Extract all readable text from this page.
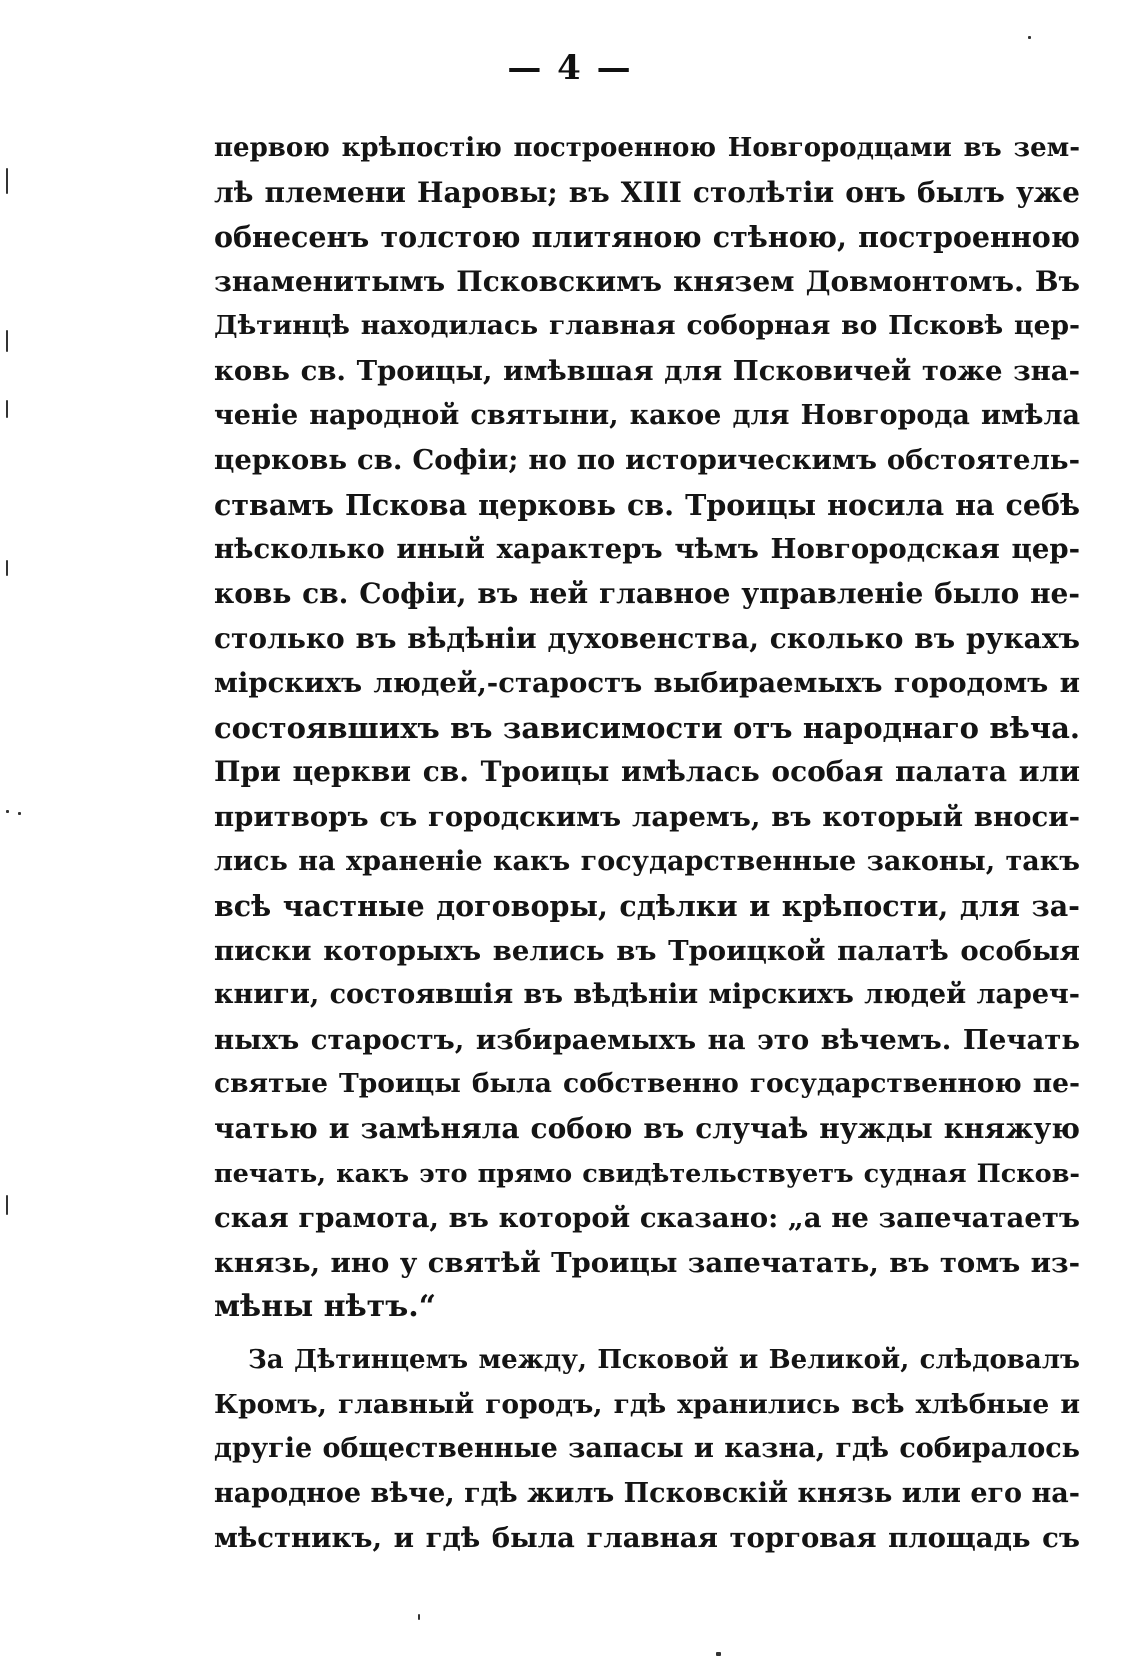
— 4 —
первою крѣпостію построенною Новгородцами въ зем-
лѣ племени Наровы; въ XIII столѣтіи онъ былъ уже
обнесенъ толстою плитяною стѣною, построенною
знаменитымъ Псковскимъ князем Довмонтомъ. Въ
Дѣтинцѣ находилась главная соборная во Псковѣ цер-
ковь св. Троицы, имѣвшая для Псковичей тоже зна-
ченіе народной святыни, какое для Новгорода имѣла
церковь св. Софіи; но по историческимъ обстоятель-
ствамъ Пскова церковь св. Троицы носила на себѣ
нѣсколько иный характеръ чѣмъ Новгородская цер-
ковь св. Софіи, въ ней главное управленіе было не-
столько въ вѣдѣніи духовенства, сколько въ рукахъ
мірскихъ людей,-старостъ выбираемыхъ городомъ и
состоявшихъ въ зависимости отъ народнаго вѣча.
При церкви св. Троицы имѣлась особая палата или
притворъ съ городскимъ ларемъ, въ который вноси-
лись на храненіе какъ государственные законы, такъ
всѣ частные договоры, сдѣлки и крѣпости, для за-
писки которыхъ велись въ Троицкой палатѣ особыя
книги, состоявшія въ вѣдѣніи мірскихъ людей лареч-
ныхъ старостъ, избираемыхъ на это вѣчемъ. Печать
святые Троицы была собственно государственною пе-
чатью и замѣняла собою въ случаѣ нужды княжую
печать, какъ это прямо свидѣтельствуетъ судная Псков-
ская грамота, въ которой сказано: „а не запечатаетъ
князь, ино у святѣй Троицы запечатать, въ томъ из-
мѣны нѣтъ.“
За Дѣтинцемъ между, Псковой и Великой, слѣдовалъ
Кромъ, главный городъ, гдѣ хранились всѣ хлѣбные и
другіе общественные запасы и казна, гдѣ собиралось
народное вѣче, гдѣ жилъ Псковскій князь или его на-
мѣстникъ, и гдѣ была главная торговая площадь съ
